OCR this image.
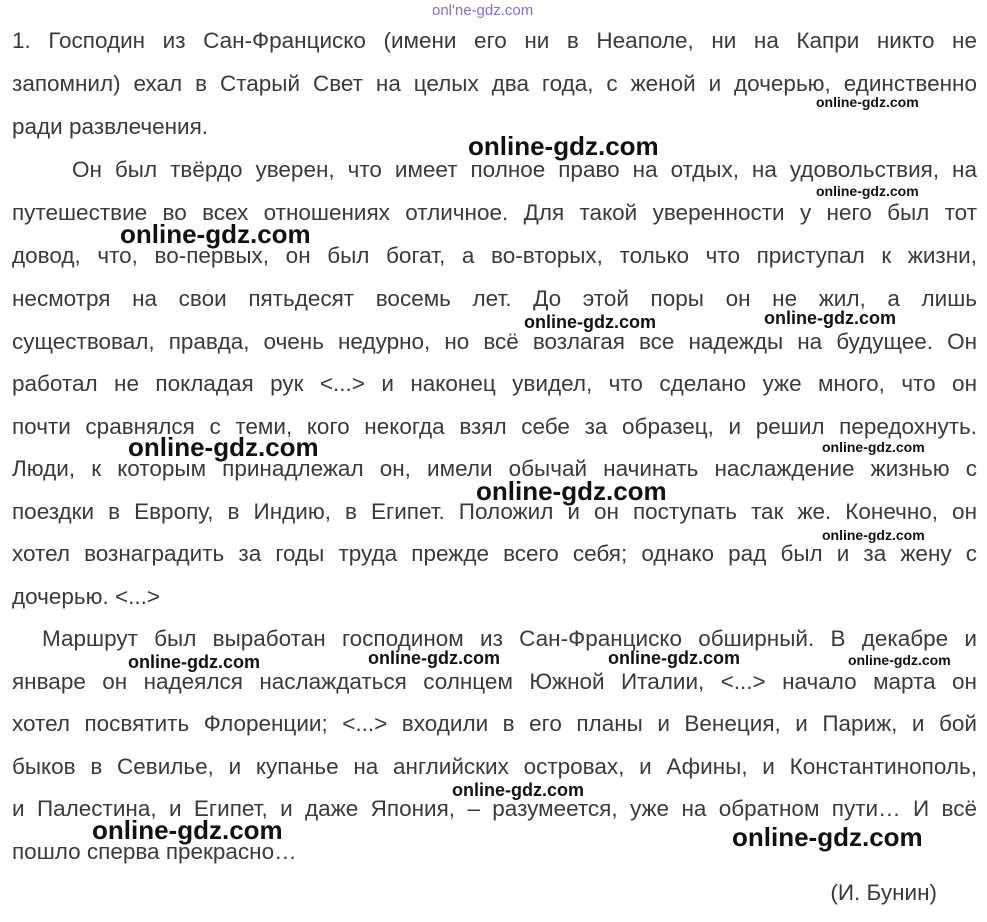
1. Господин из Сан-Франциско (имени его ни в Неаполе, ни на Капри никто не
запомнил) ехал в Старый Свет на целых два года, с женой и дочерью, единственно
ради развлечения.
Он был твёрдо уверен, что имеет полное право на отдых, на удовольствия, на
путешествие во всех отношениях отличное. Для такой уверенности у него был тот
довод, что, во-первых, он был богат, а во-вторых, только что приступал к жизни,
несмотря на свои пятьдесят восемь лет. До этой поры он не жил, а лишь
существовал, правда, очень недурно, но всё возлагая все надежды на будущее. Он
работал не покладая рук <...> и наконец увидел, что сделано уже много, что он
почти сравнялся с теми, кого некогда взял себе за образец, и решил передохнуть.
Люди, к которым принадлежал он, имели обычай начинать наслаждение жизнью с
поездки в Европу, в Индию, в Египет. Положил и он поступать так же. Конечно, он
хотел вознаградить за годы труда прежде всего себя; однако рад был и за жену с
дочерью. <...>
Маршрут был выработан господином из Сан-Франциско обширный. В декабре и
январе он надеялся наслаждаться солнцем Южной Италии, <...> начало марта он
хотел посвятить Флоренции; <...> входили в его планы и Венеция, и Париж, и бой
быков в Севилье, и купанье на английских островах, и Афины, и Константинополь,
и Палестина, и Египет, и даже Япония, – разумеется, уже на обратном пути… И всё
пошло сперва прекрасно…
(И. Бунин)
onl'ne-gdz.com
online-gdz.com
online-gdz.com
online-gdz.com
online-gdz.com
online-gdz.com
online-gdz.com
online-gdz.com	online-gdz.com
online-gdz.com
online-gdz.com
online-gdz.com	online-gdz.com	online-gdz.com	online-gdz.com
online-gdz.com
online-gdz.com	online-gdz.com
